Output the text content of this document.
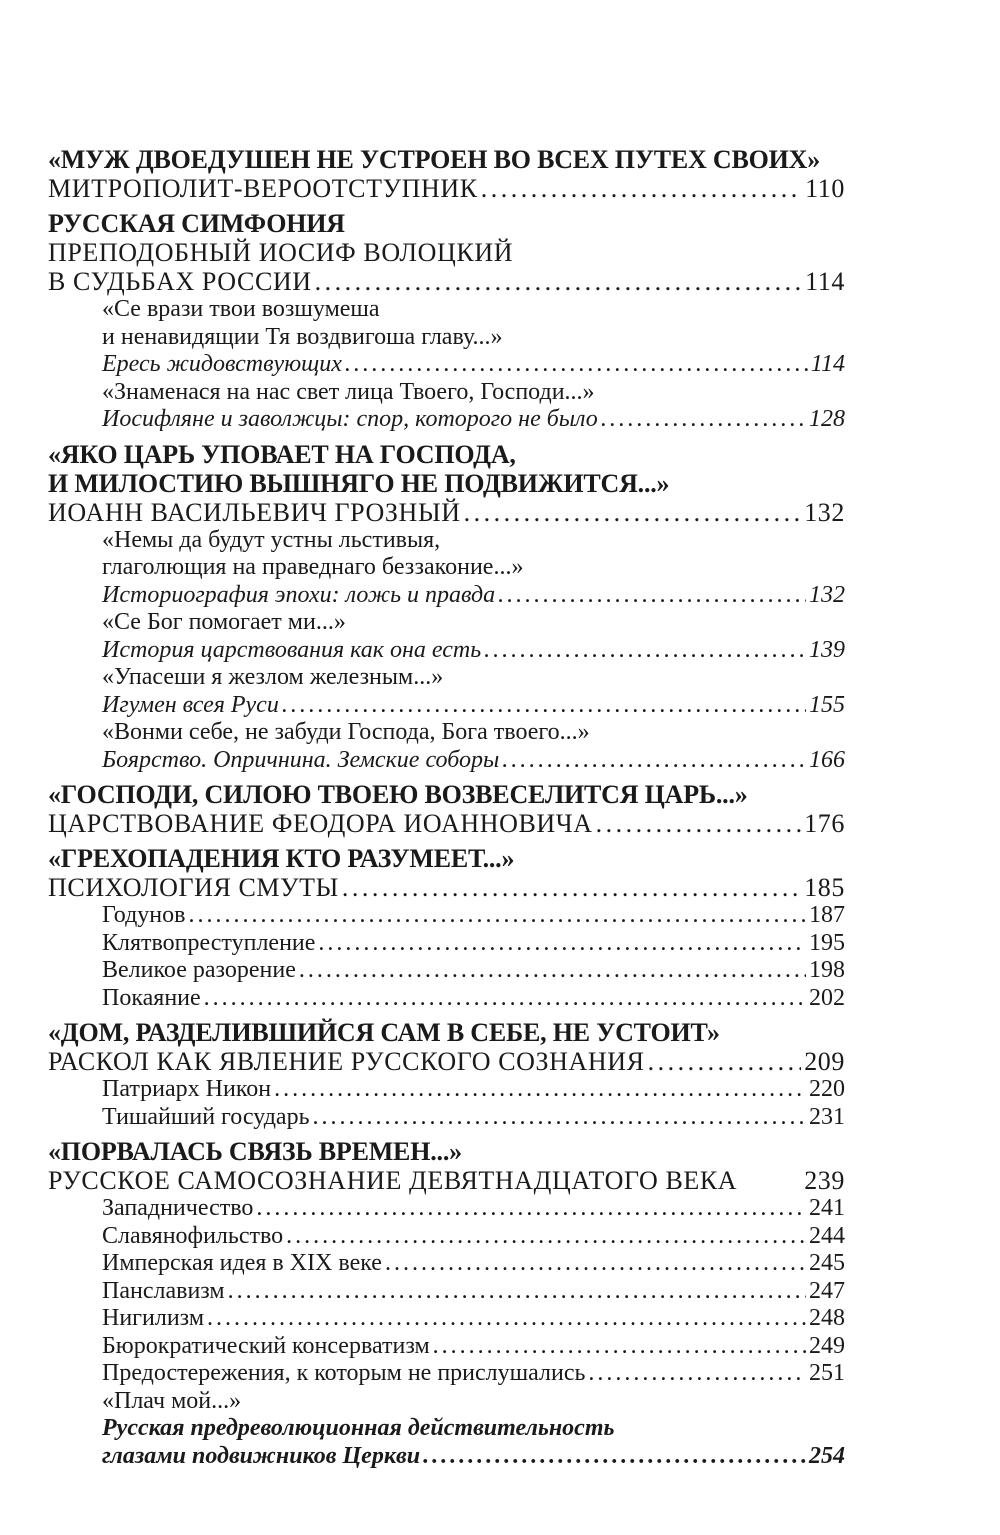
«МУЖ ДВОЕДУШЕН НЕ УСТРОЕН ВО ВСЕХ ПУТЕХ СВОИХ»
МИТРОПОЛИТ-ВЕРООТСТУПНИК . . .	110
РУССКАЯ СИМФОНИЯ
ПРЕПОДОБНЫЙ ИОСИФ ВОЛОЦКИЙ
В СУДЬБАХ РОССИИ . . .	114
«Се врази твои возшумеша
и ненавидящии Тя воздвигоша главу...»
Ересь жидовствующих . . .	114
«Знаменася на нас свет лица Твоего, Господи...»
Иосифляне и заволжцы: спор, которого не было . . .	128
«ЯКО ЦАРЬ УПОВАЕТ НА ГОСПОДА,
И МИЛОСТИЮ ВЫШНЯГО НЕ ПОДВИЖИТСЯ...»
ИОАНН ВАСИЛЬЕВИЧ ГРОЗНЫЙ . . .	132
«Немы да будут устны льстивыя,
глаголющия на праведнаго беззаконие...»
Историография эпохи: ложь и правда . . .	132
«Се Бог помогает ми...»
История царствования как она есть . . .	139
«Упасеши я жезлом железным...»
Игумен всея Руси . . .	155
«Вонми себе, не забуди Господа, Бога твоего...»
Боярство. Опричнина. Земские соборы . . .	166
«ГОСПОДИ, СИЛОЮ ТВОЕЮ ВОЗВЕСЕЛИТСЯ ЦАРЬ...»
ЦАРСТВОВАНИЕ ФЕОДОРА ИОАННОВИЧА . . .	176
«ГРЕХОПАДЕНИЯ КТО РАЗУМЕЕТ...»
ПСИХОЛОГИЯ СМУТЫ . . .	185
Годунов . . .	187
Клятвопреступление . . .	195
Великое разорение . . .	198
Покаяние . . .	202
«ДОМ, РАЗДЕЛИВШИЙСЯ САМ В СЕБЕ, НЕ УСТОИТ»
РАСКОЛ КАК ЯВЛЕНИЕ РУССКОГО СОЗНАНИЯ . . .	209
Патриарх Никон . . .	220
Тишайший государь . . .	231
«ПОРВАЛАСЬ СВЯЗЬ ВРЕМЕН...»
РУССКОЕ САМОСОЗНАНИЕ ДЕВЯТНАДЦАТОГО ВЕКА	239
Западничество . . .	241
Славянофильство . . .	244
Имперская идея в XIX веке . . .	245
Панславизм . . .	247
Нигилизм . . .	248
Бюрократический консерватизм . . .	249
Предостережения, к которым не прислушались . . .	251
«Плач мой...»
Русская предреволюционная действительность
глазами подвижников Церкви . . .	254
